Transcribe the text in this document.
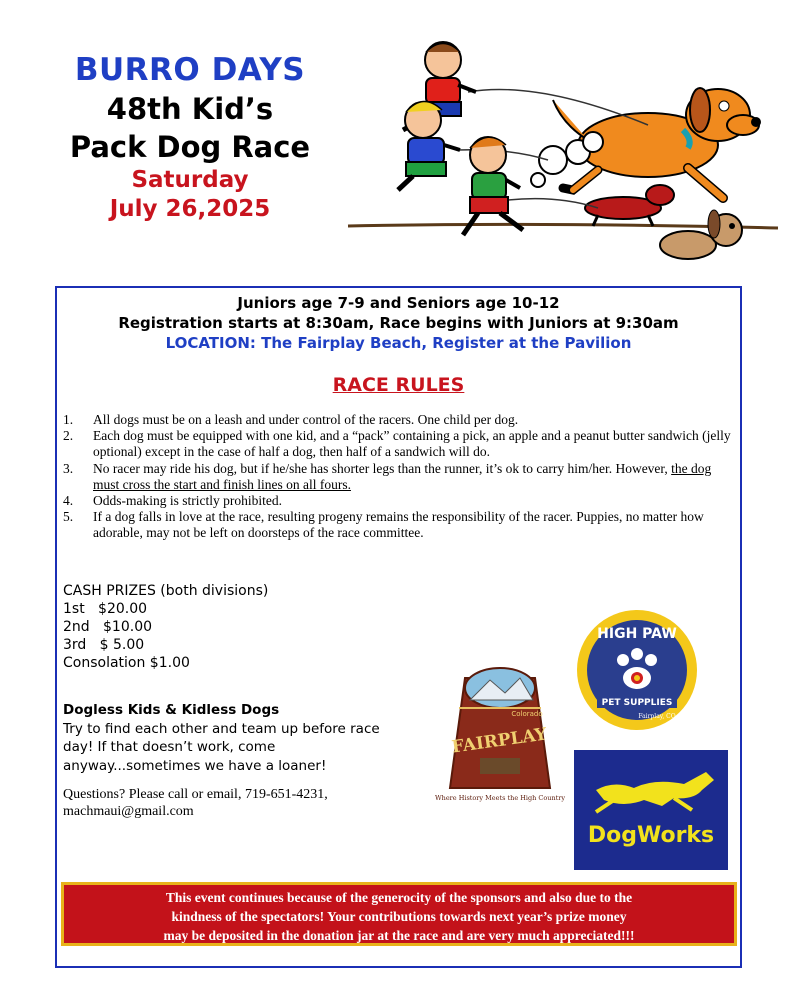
BURRO DAYS
48th Kid’s
Pack Dog Race
Saturday
July 26,2025
Juniors age 7-9 and Seniors age 10-12
Registration starts at 8:30am, Race begins with Juniors at 9:30am
LOCATION: The Fairplay Beach, Register at the Pavilion
RACE RULES
1. All dogs must be on a leash and under control of the racers. One child per dog.
2. Each dog must be equipped with one kid, and a “pack” containing a pick, an apple and a peanut butter sandwich (jelly optional) except in the case of half a dog, then half of a sandwich will do.
3. No racer may ride his dog, but if he/she has shorter legs than the runner, it’s ok to carry him/her. However, the dog must cross the start and finish lines on all fours.
4. Odds-making is strictly prohibited.
5. If a dog falls in love at the race, resulting progeny remains the responsibility of the racer. Puppies, no matter how adorable, may not be left on doorsteps of the race committee.
CASH PRIZES (both divisions)
1st   $20.00
2nd   $10.00
3rd   $ 5.00
Consolation $1.00
Dogless Kids & Kidless Dogs
Try to find each other and team up before race day! If that doesn’t work, come anyway...sometimes we have a loaner!
Questions? Please call or email, 719-651-4231, machmaui@gmail.com
FAIRPLAY
Colorado
Where History Meets the High Country
HIGH PAW
PET SUPPLIES
Fairplay, CO
DogWorks
This event continues because of the generocity of the sponsors and also due to the
kindness of the spectators! Your contributions towards next year’s prize money
may be deposited in the donation jar at the race and are very much appreciated!!!
